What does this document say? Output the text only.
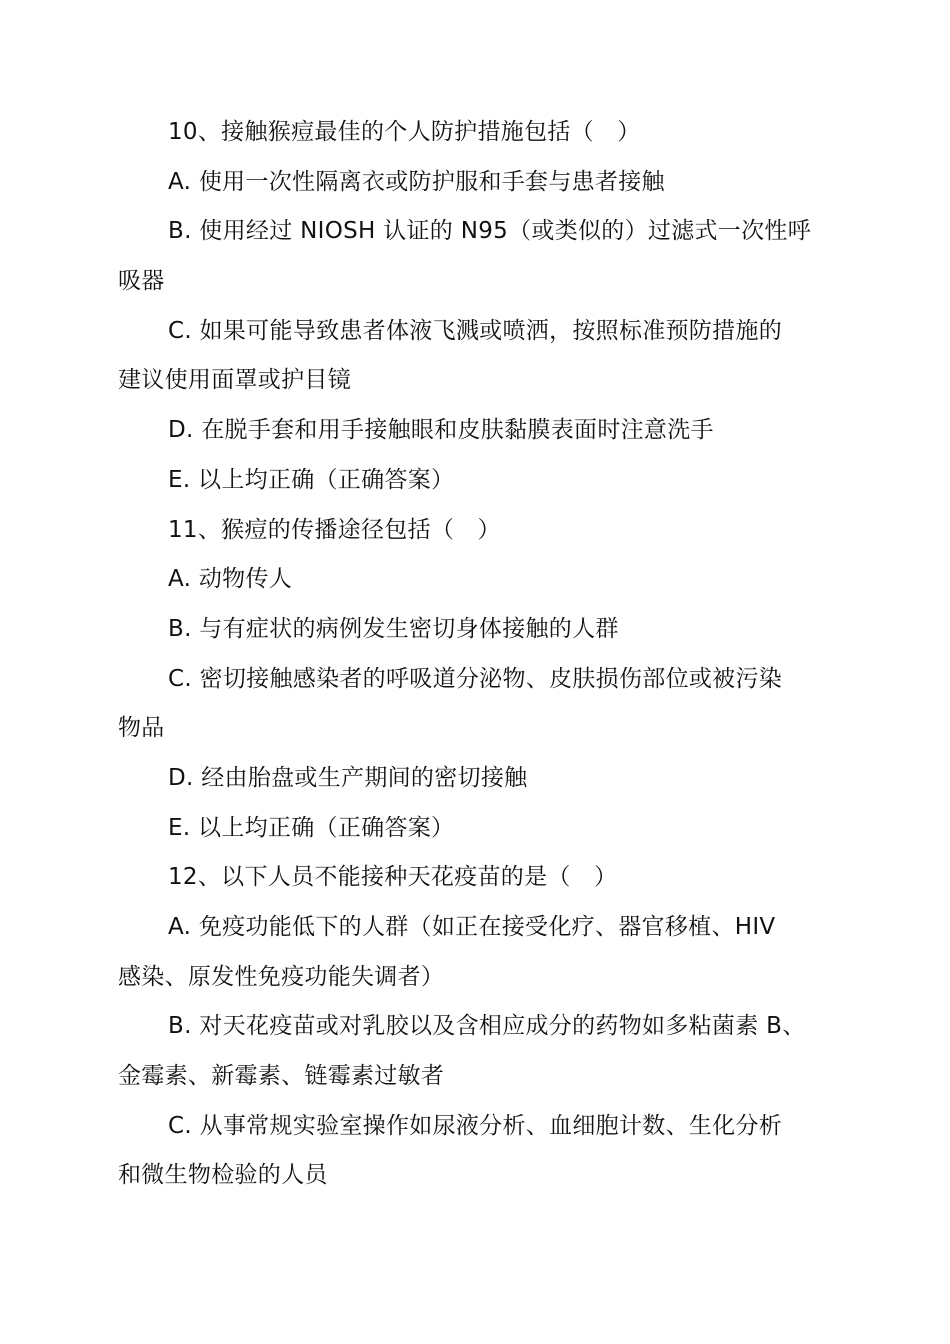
10、接触猴痘最佳的个人防护措施包括（　）
A. 使用一次性隔离衣或防护服和手套与患者接触
B. 使用经过 NIOSH 认证的 N95（或类似的）过滤式一次性呼
吸器
C. 如果可能导致患者体液飞溅或喷洒，按照标准预防措施的
建议使用面罩或护目镜
D. 在脱手套和用手接触眼和皮肤黏膜表面时注意洗手
E. 以上均正确（正确答案）
11、猴痘的传播途径包括（　）
A. 动物传人
B. 与有症状的病例发生密切身体接触的人群
C. 密切接触感染者的呼吸道分泌物、皮肤损伤部位或被污染
物品
D. 经由胎盘或生产期间的密切接触
E. 以上均正确（正确答案）
12、以下人员不能接种天花疫苗的是（　）
A. 免疫功能低下的人群（如正在接受化疗、器官移植、HIV
感染、原发性免疫功能失调者）
B. 对天花疫苗或对乳胶以及含相应成分的药物如多粘菌素 B、
金霉素、新霉素、链霉素过敏者
C. 从事常规实验室操作如尿液分析、血细胞计数、生化分析
和微生物检验的人员
